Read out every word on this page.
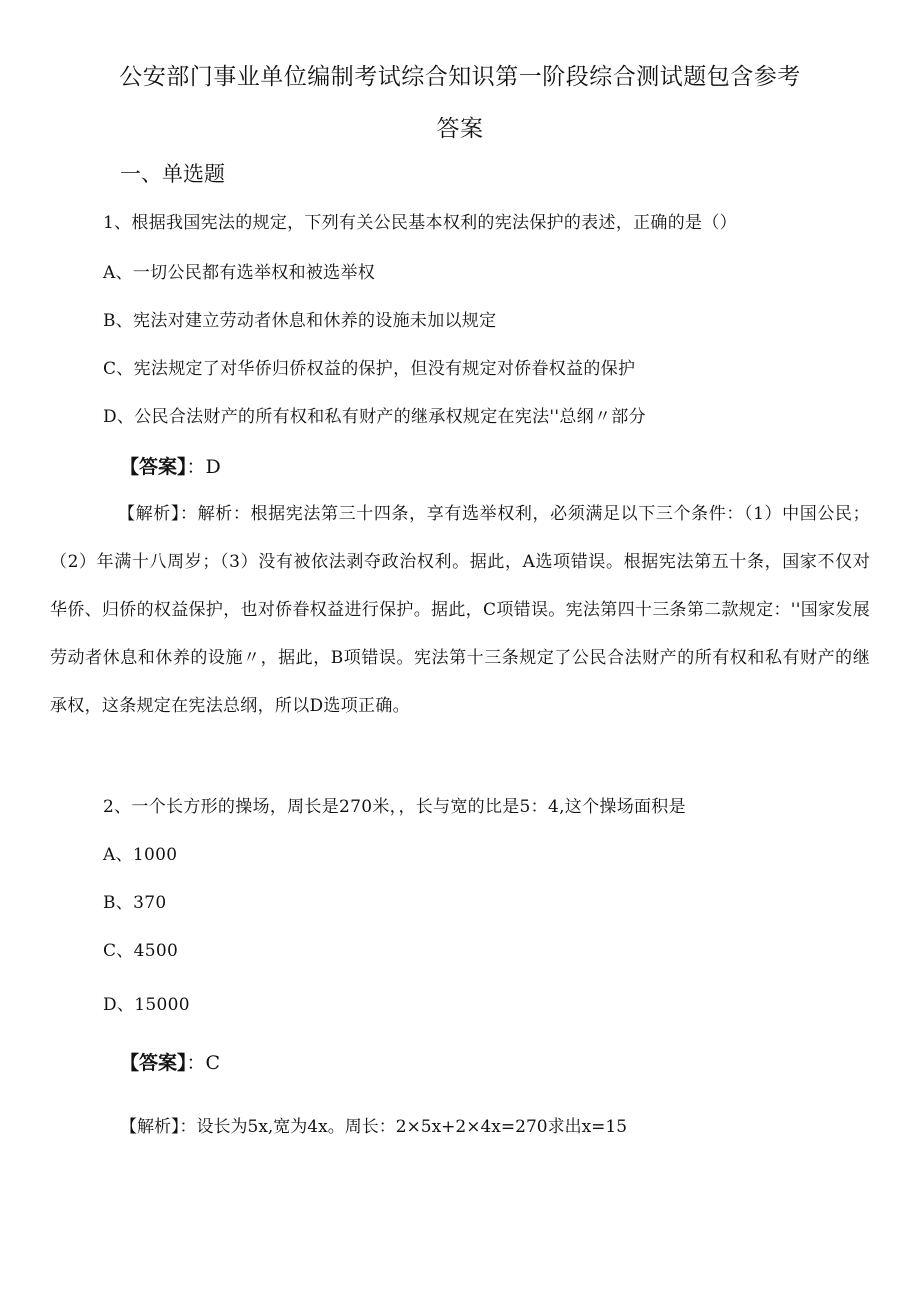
公安部门事业单位编制考试综合知识第一阶段综合测试题包含参考
答案
一、单选题
1、根据我国宪法的规定，下列有关公民基本权利的宪法保护的表述，正确的是（）
A、一切公民都有选举权和被选举权
B、宪法对建立劳动者休息和休养的设施未加以规定
C、宪法规定了对华侨归侨权益的保护，但没有规定对侨眷权益的保护
D、公民合法财产的所有权和私有财产的继承权规定在宪法''总纲〃部分
【答案】：D
【解析】：解析：根据宪法第三十四条，享有选举权利，必须满足以下三个条件：（1）中国公民；（2）年满十八周岁；（3）没有被依法剥夺政治权利。据此，A选项错误。根据宪法第五十条，国家不仅对华侨、归侨的权益保护，也对侨眷权益进行保护。据此，C项错误。宪法第四十三条第二款规定：''国家发展劳动者休息和休养的设施〃，据此，B项错误。宪法第十三条规定了公民合法财产的所有权和私有财产的继承权，这条规定在宪法总纲，所以D选项正确。
2、一个长方形的操场，周长是270米，，长与宽的比是5：4,这个操场面积是
A、1000
B、370
C、4500
D、15000
【答案】：C
【解析】：设长为5x,宽为4x。周长：2×5x+2×4x=270求出x=15
